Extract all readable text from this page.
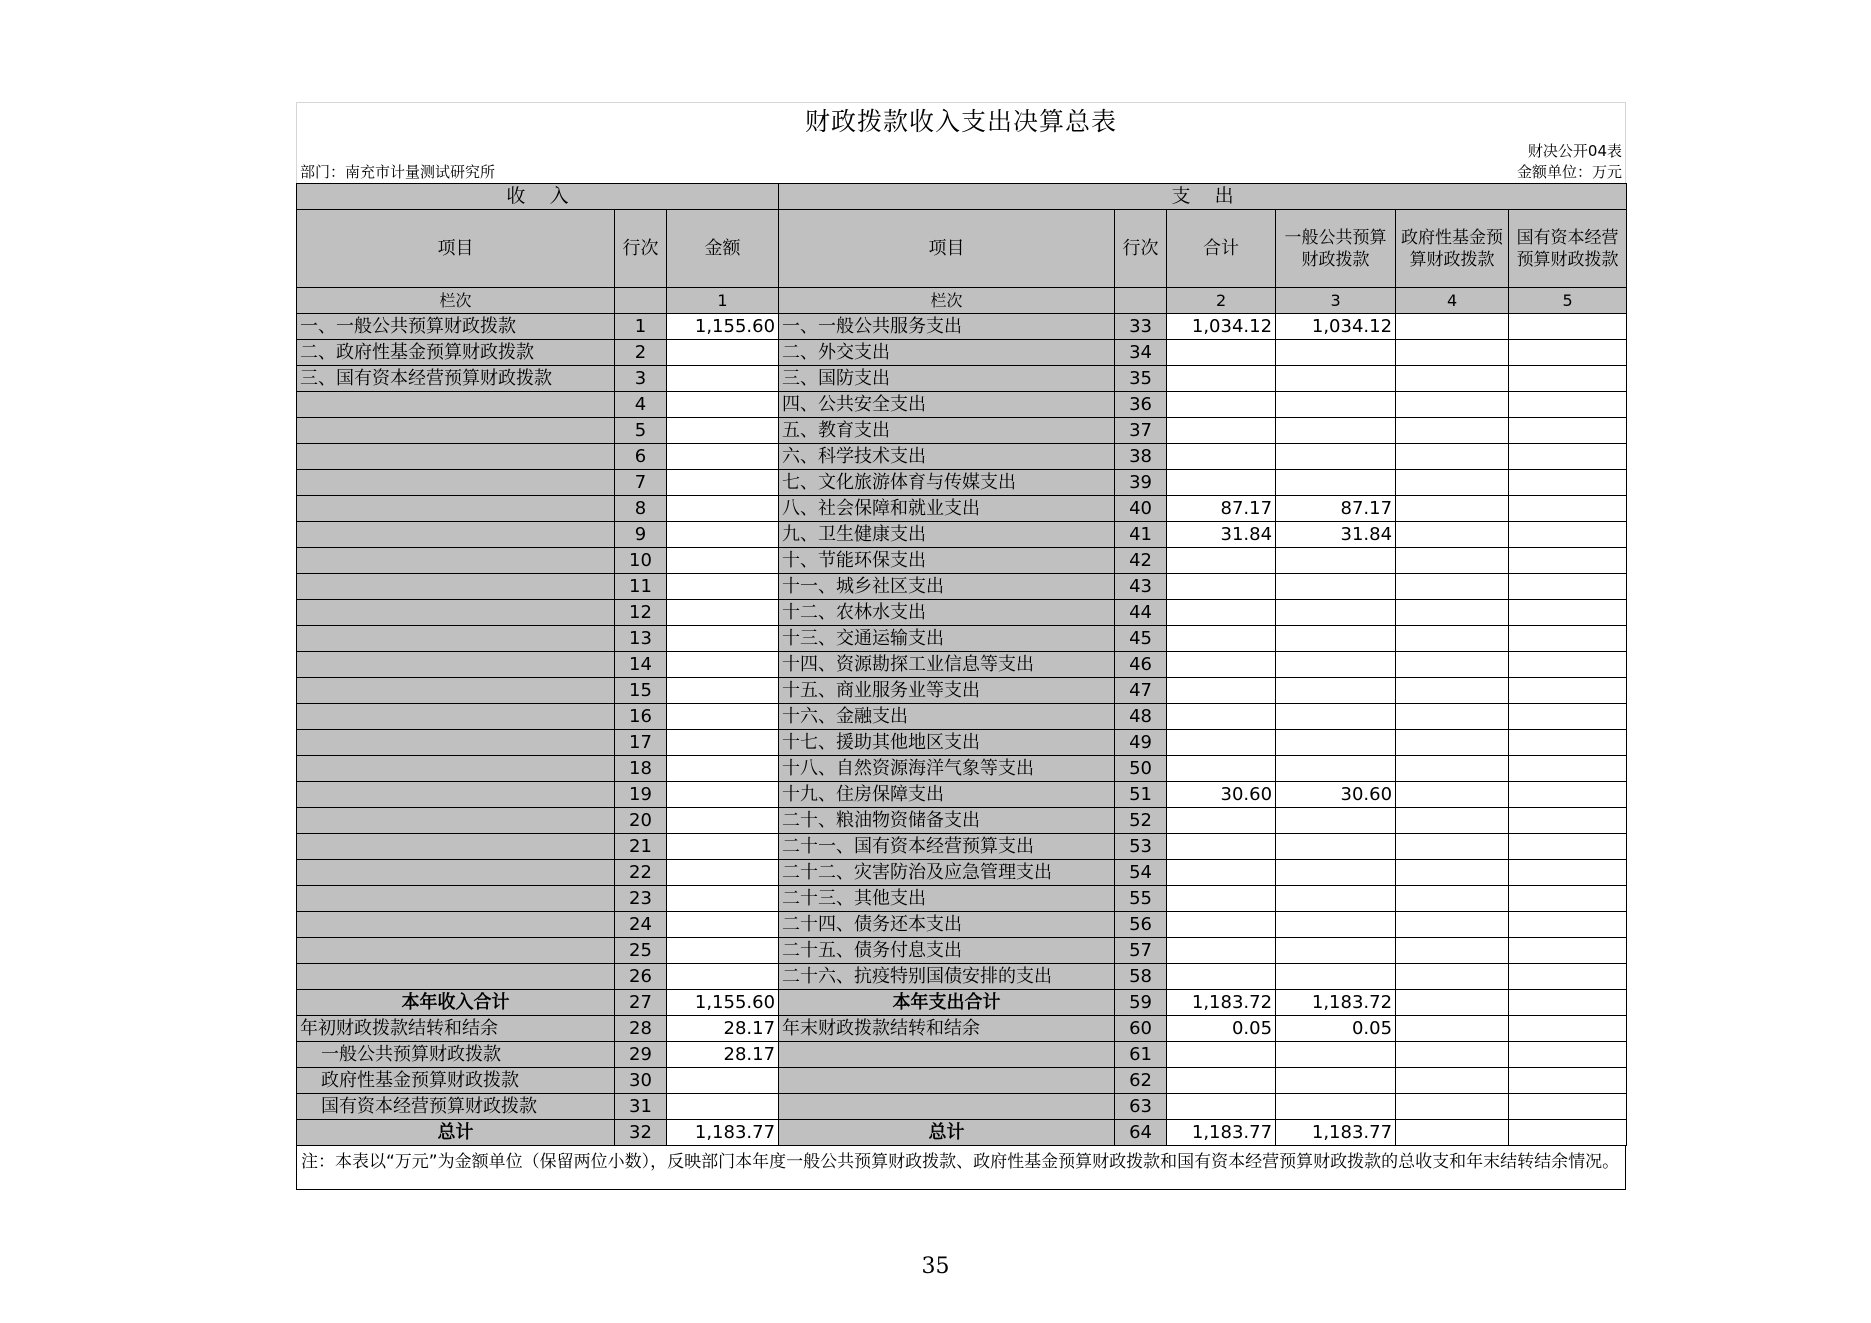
财政拨款收入支出决算总表
财决公开04表
部门：南充市计量测试研究所	金额单位：万元
收    入			支    出					
项目	行次	金额	项目	行次	合计	一般公共预算财政拨款	政府性基金预算财政拨款	国有资本经营预算财政拨款
栏次		1	栏次		2	3	4	5
一、一般公共预算财政拨款	1	1,155.60	一、一般公共服务支出	33	1,034.12	1,034.12		
二、政府性基金预算财政拨款	2		二、外交支出	34				
三、国有资本经营预算财政拨款	3		三、国防支出	35				
	4		四、公共安全支出	36				
	5		五、教育支出	37				
	6		六、科学技术支出	38				
	7		七、文化旅游体育与传媒支出	39				
	8		八、社会保障和就业支出	40	87.17	87.17		
	9		九、卫生健康支出	41	31.84	31.84		
	10		十、节能环保支出	42				
	11		十一、城乡社区支出	43				
	12		十二、农林水支出	44				
	13		十三、交通运输支出	45				
	14		十四、资源勘探工业信息等支出	46				
	15		十五、商业服务业等支出	47				
	16		十六、金融支出	48				
	17		十七、援助其他地区支出	49				
	18		十八、自然资源海洋气象等支出	50				
	19		十九、住房保障支出	51	30.60	30.60		
	20		二十、粮油物资储备支出	52				
	21		二十一、国有资本经营预算支出	53				
	22		二十二、灾害防治及应急管理支出	54				
	23		二十三、其他支出	55				
	24		二十四、债务还本支出	56				
	25		二十五、债务付息支出	57				
	26		二十六、抗疫特别国债安排的支出	58				
本年收入合计	27	1,155.60	本年支出合计	59	1,183.72	1,183.72		
年初财政拨款结转和结余	28	28.17	年末财政拨款结转和结余	60	0.05	0.05		
一般公共预算财政拨款	29	28.17		61				
政府性基金预算财政拨款	30			62				
国有资本经营预算财政拨款	31			63				
总计	32	1,183.77	总计	64	1,183.77	1,183.77		
注：本表以“万元”为金额单位（保留两位小数），反映部门本年度一般公共预算财政拨款、政府性基金预算财政拨款和国有资本经营预算财政拨款的总收支和年末结转结余情况。
35
